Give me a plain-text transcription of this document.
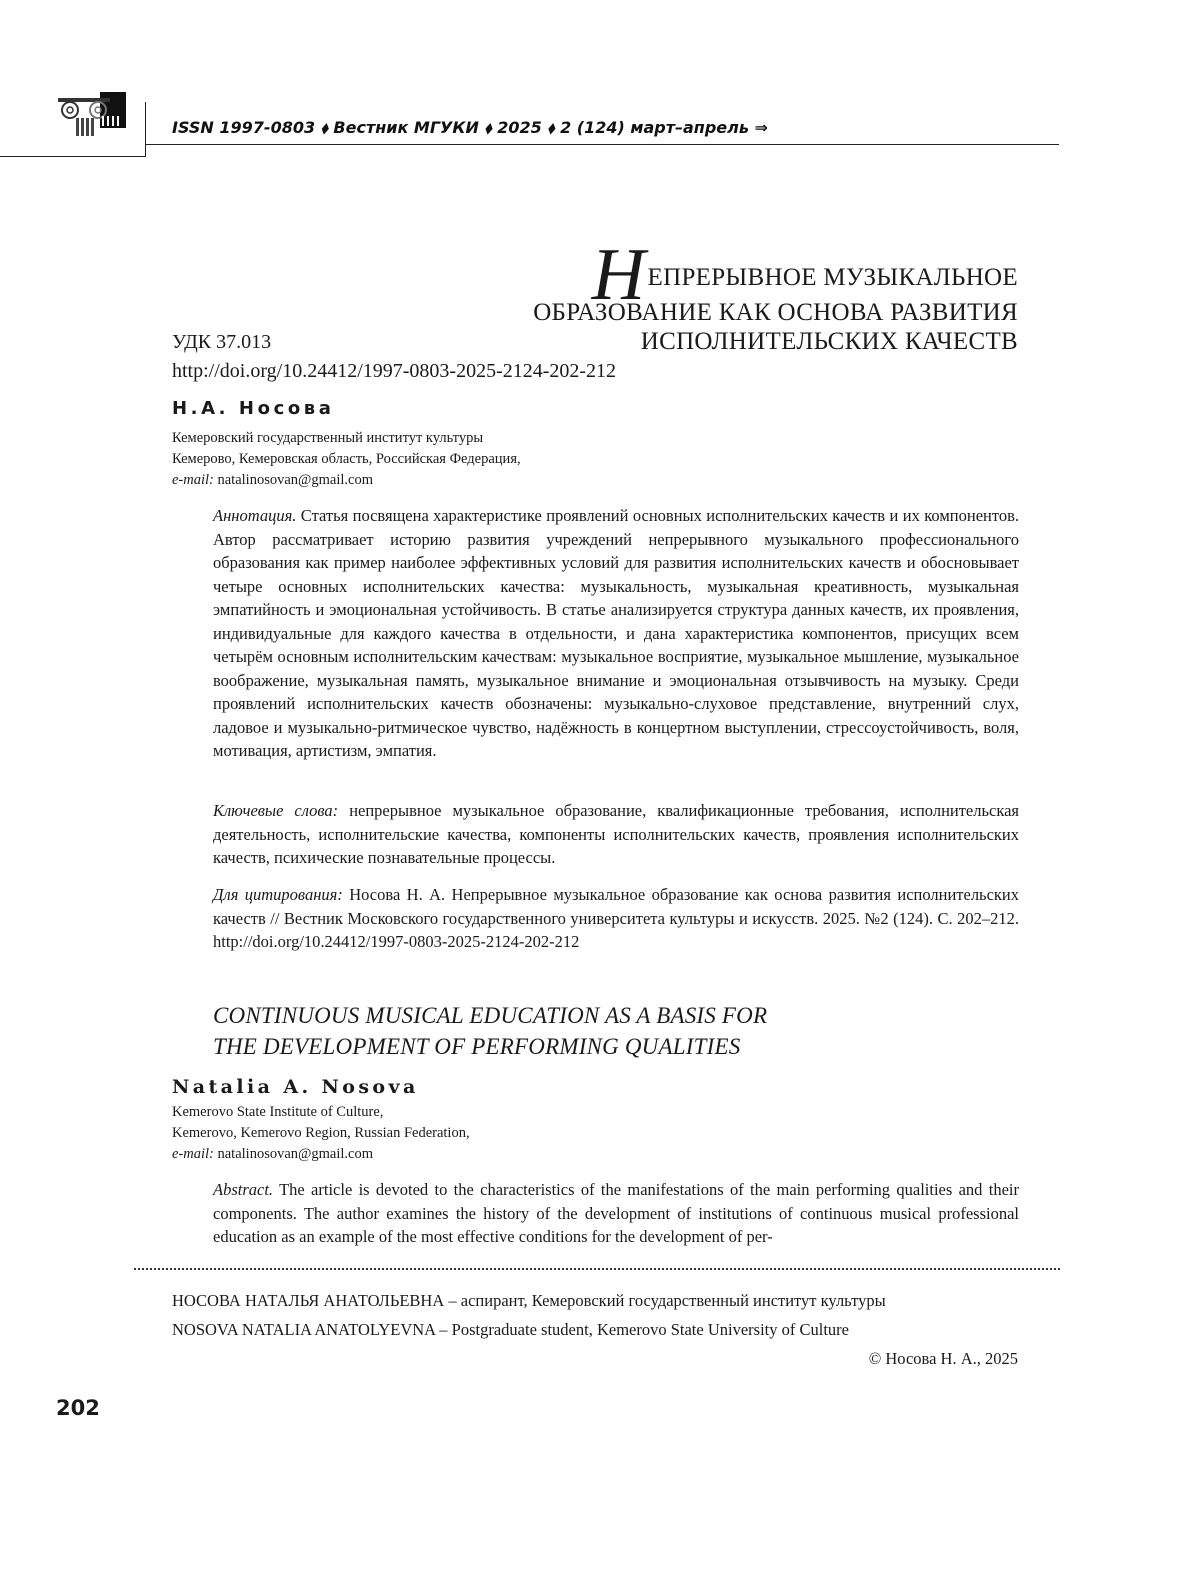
ISSN 1997-0803 ⬧ Вестник МГУКИ ⬧ 2025 ⬧ 2 (124) март–апрель ⇒
НЕПРЕРЫВНОЕ МУЗЫКАЛЬНОЕ
ОБРАЗОВАНИЕ КАК ОСНОВА РАЗВИТИЯ
ИСПОЛНИТЕЛЬСКИХ КАЧЕСТВ
УДК 37.013
http://doi.org/10.24412/1997-0803-2025-2124-202-212
Н.А. Носова
Кемеровский государственный институт культуры
Кемерово, Кемеровская область, Российская Федерация,
e-mail: natalinosovan@gmail.com
Аннотация. Статья посвящена характеристике проявлений основных исполнительских качеств и их компонентов. Автор рассматривает историю развития учреждений непрерывного музыкального профессионального образования как пример наиболее эффективных условий для развития исполнительских качеств и обосновывает четыре основных исполнительских качества: музыкальность, музыкальная креативность, музыкальная эмпатийность и эмоциональная устойчивость. В статье анализируется структура данных качеств, их проявления, индивидуальные для каждого качества в отдельности, и дана характеристика компонентов, присущих всем четырём основным исполнительским качествам: музыкальное восприятие, музыкальное мышление, музыкальное воображение, музыкальная память, музыкальное внимание и эмоциональная отзывчивость на музыку. Среди проявлений исполнительских качеств обозначены: музыкально-слуховое представление, внутренний слух, ладовое и музыкально-ритмическое чувство, надёжность в концертном выступлении, стрессоустойчивость, воля, мотивация, артистизм, эмпатия.
Ключевые слова: непрерывное музыкальное образование, квалификационные требования, исполнительская деятельность, исполнительские качества, компоненты исполнительских качеств, проявления исполнительских качеств, психические познавательные процессы.
Для цитирования: Носова Н. А. Непрерывное музыкальное образование как основа развития исполнительских качеств // Вестник Московского государственного университета культуры и искусств. 2025. №2 (124). С. 202–212. http://doi.org/10.24412/1997-0803-2025-2124-202-212
CONTINUOUS MUSICAL EDUCATION AS A BASIS FOR
THE DEVELOPMENT OF PERFORMING QUALITIES
Natalia A. Nosova
Kemerovo State Institute of Culture,
Kemerovo, Kemerovo Region, Russian Federation,
e-mail: natalinosovan@gmail.com
Abstract. The article is devoted to the characteristics of the manifestations of the main performing qualities and their components. The author examines the history of the development of institutions of continuous musical professional education as an example of the most effective conditions for the development of per-
НОСОВА НАТАЛЬЯ АНАТОЛЬЕВНА – аспирант, Кемеровский государственный институт культуры
NOSOVA NATALIA ANATOLYEVNA – Postgraduate student, Kemerovo State University of Culture
© Носова Н. А., 2025
202
